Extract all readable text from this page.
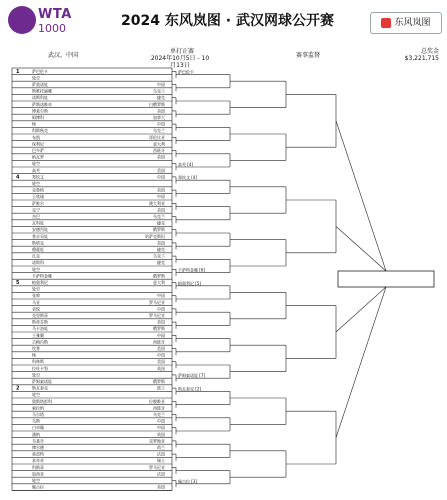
WTA
1000	2024 东风岚图 · 武汉网球公开赛	东风岚图
武汉，中国
单打正赛
2024年10月5日 - 10月13日
赛事监督
总奖金
$3,221,715
1	萨巴伦卡
轮空
萨莫诺娃	中国
斯维托丽娜	乌克兰
诺斯科娃	捷克
萨斯诺维奇	白俄罗斯
博莱尔斯	美国
姆博科	加拿大
杨	中国
科斯秋克	乌克兰
布凯	哥伦比亚
保利尼	意大利
巴多萨	西班牙
纳瓦罗	美国
轮空
高芙	美国
4	郑钦文	中国
轮空
克鲁格	美国
王欣瑜	中国
萨维尔	澳大利亚
克宁	美国
杰巴	乌克兰
瓦科娃	捷克
安德烈娃	俄罗斯
普京采娃	哈萨克斯坦
斯塔克	美国
穆霍娃	捷克
扎克	乌克兰
诺斯科	捷克
轮空
卡萨特金娜	俄罗斯
5	帕奥利尼	意大利
轮空
张帅	中国
马亚	罗马尼亚
袁悦	中国
克里斯蒂	罗马尼亚
斯蒂芬斯	美国
马卡洛娃	俄罗斯
王雅繁	中国
吉梅内斯	西班牙
坎普	美国
杨	中国
科林斯	美国
拉杜卡努	英国
轮空
萨姆索诺娃	俄罗斯
2	斯瓦泰克	波兰
轮空
奥斯塔彭科	拉脱维亚
索拉纳	西班牙
马尔塔	乌克兰
乌斯	中国
白卓璇	中国
潘纳	英国
韦基奇	克罗地亚
博尔德	荷兰
莫雷特	法国
本奇奇	瑞士
科斯蒂	罗马尼亚
加西亚	法国
轮空
佩古拉	美国
萨巴伦卡
高芙 [4]
郑钦文 [4]
卡萨特金娜 [6]
帕奥利尼 [5]
萨姆索诺娃 [7]
斯瓦泰克 [2]
佩古拉 [3]
